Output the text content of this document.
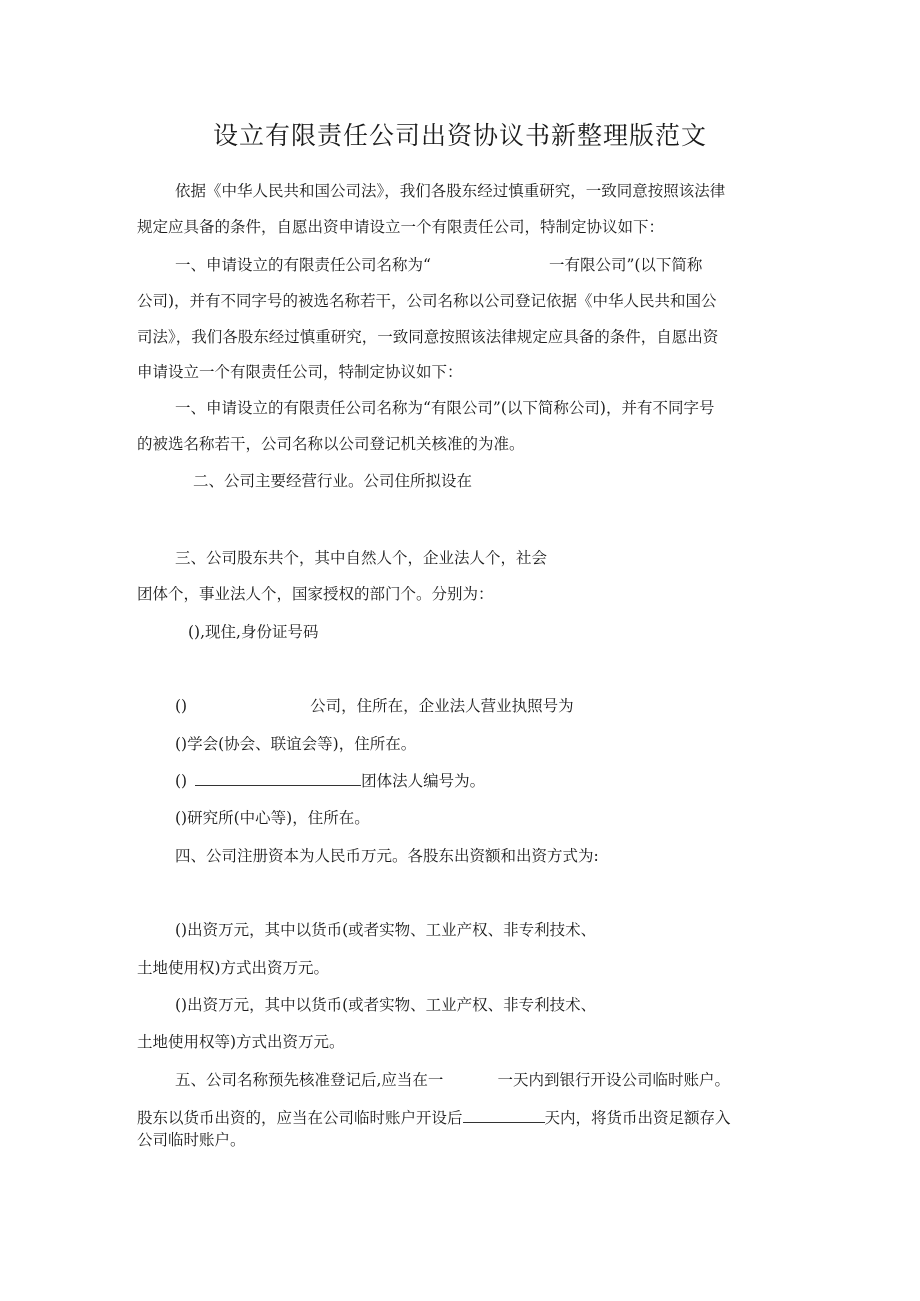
设立有限责任公司出资协议书新整理版范文
依据《中华人民共和国公司法》，我们各股东经过慎重研究，一致同意按照该法律
规定应具备的条件，自愿出资申请设立一个有限责任公司，特制定协议如下：
一、申请设立的有限责任公司名称为“	一有限公司”(以下简称
公司)，并有不同字号的被选名称若干，公司名称以公司登记依据《中华人民共和国公
司法》，我们各股东经过慎重研究，一致同意按照该法律规定应具备的条件，自愿出资
申请设立一个有限责任公司，特制定协议如下：
一、申请设立的有限责任公司名称为“有限公司”(以下简称公司)，并有不同字号
的被选名称若干，公司名称以公司登记机关核准的为准。
二、公司主要经营行业。公司住所拟设在
三、公司股东共个，其中自然人个，企业法人个，社会
团体个，事业法人个，国家授权的部门个。分别为：
(),现住,身份证号码
()	公司，住所在，企业法人营业执照号为
()学会(协会、联谊会等)，住所在。
()	团体法人编号为。
()研究所(中心等)，住所在。
四、公司注册资本为人民币万元。各股东出资额和出资方式为:
()出资万元，其中以货币(或者实物、工业产权、非专利技术、
土地使用权)方式出资万元。
()出资万元，其中以货币(或者实物、工业产权、非专利技术、
土地使用权等)方式出资万元。
五、公司名称预先核准登记后,应当在一	一天内到银行开设公司临时账户。
股东以货币出资的，应当在公司临时账户开设后	天内，将货币出资足额存入
公司临时账户。
